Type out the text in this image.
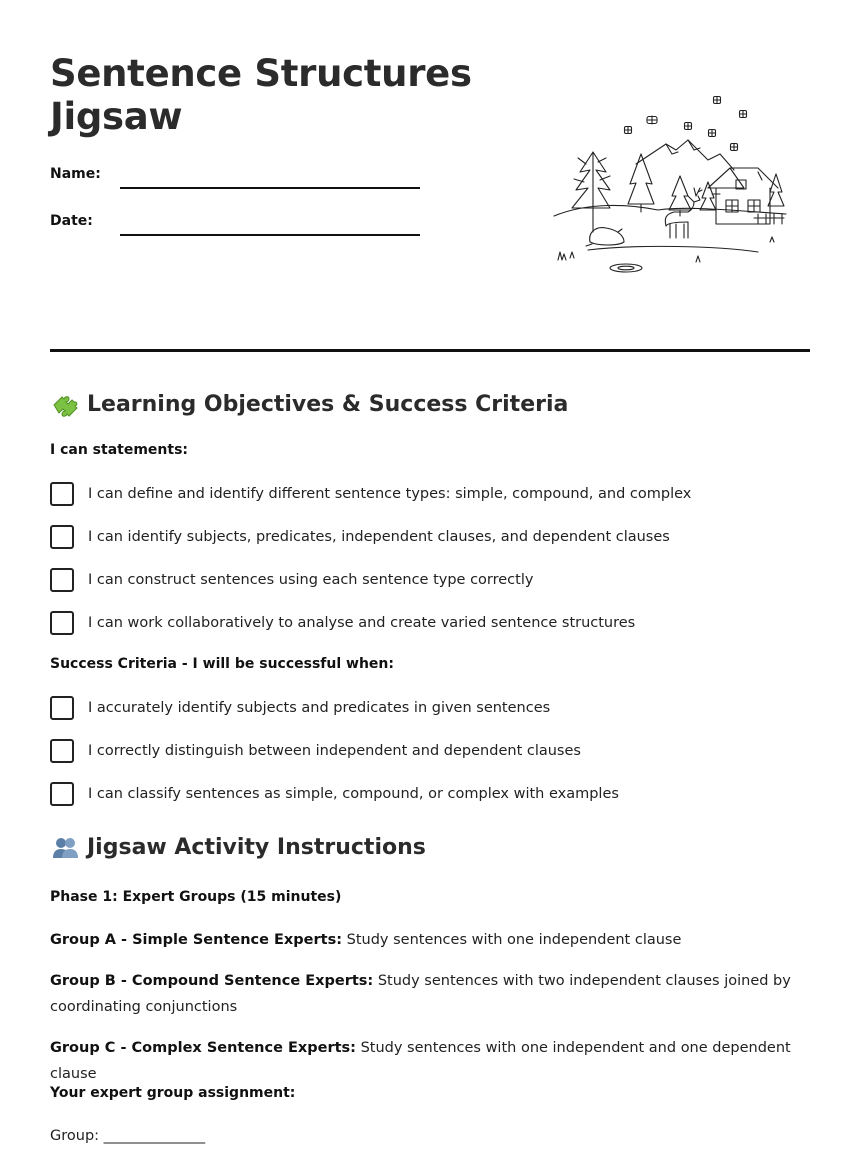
Sentence Structures
Jigsaw
Name:
Date:
Learning Objectives & Success Criteria
I can statements:
I can define and identify different sentence types: simple, compound, and complex
I can identify subjects, predicates, independent clauses, and dependent clauses
I can construct sentences using each sentence type correctly
I can work collaboratively to analyse and create varied sentence structures
Success Criteria - I will be successful when:
I accurately identify subjects and predicates in given sentences
I correctly distinguish between independent and dependent clauses
I can classify sentences as simple, compound, or complex with examples
Jigsaw Activity Instructions
Phase 1: Expert Groups (15 minutes)
Group A - Simple Sentence Experts: Study sentences with one independent clause
Group B - Compound Sentence Experts: Study sentences with two independent clauses joined by coordinating conjunctions
Group C - Complex Sentence Experts: Study sentences with one independent and one dependent clause
Your expert group assignment:
Group: ______________
